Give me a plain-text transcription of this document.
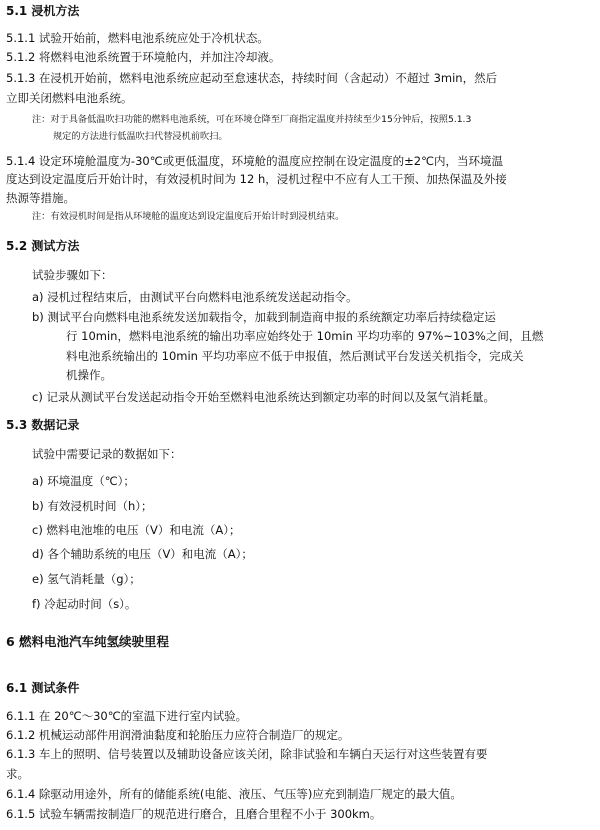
5.1 浸机方法
5.1.1 试验开始前，燃料电池系统应处于冷机状态。
5.1.2 将燃料电池系统置于环境舱内，并加注冷却液。
5.1.3 在浸机开始前，燃料电池系统应起动至怠速状态，持续时间（含起动）不超过 3min，然后
立即关闭燃料电池系统。
注：对于具备低温吹扫功能的燃料电池系统，可在环境仓降至厂商指定温度并持续至少15分钟后，按照5.1.3
规定的方法进行低温吹扫代替浸机前吹扫。
5.1.4 设定环境舱温度为-30℃或更低温度，环境舱的温度应控制在设定温度的±2℃内，当环境温
度达到设定温度后开始计时，有效浸机时间为 12 h，浸机过程中不应有人工干预、加热保温及外接
热源等措施。
注：有效浸机时间是指从环境舱的温度达到设定温度后开始计时到浸机结束。
5.2 测试方法
试验步骤如下：
a) 浸机过程结束后，由测试平台向燃料电池系统发送起动指令。
b) 测试平台向燃料电池系统发送加载指令，加载到制造商申报的系统额定功率后持续稳定运
行 10min，燃料电池系统的输出功率应始终处于 10min 平均功率的 97%~103%之间，且燃
料电池系统输出的 10min 平均功率应不低于申报值，然后测试平台发送关机指令，完成关
机操作。
c) 记录从测试平台发送起动指令开始至燃料电池系统达到额定功率的时间以及氢气消耗量。
5.3 数据记录
试验中需要记录的数据如下：
a) 环境温度（℃）；
b) 有效浸机时间（h）；
c) 燃料电池堆的电压（V）和电流（A）；
d) 各个辅助系统的电压（V）和电流（A）；
e) 氢气消耗量（g）；
f) 冷起动时间（s）。
6 燃料电池汽车纯氢续驶里程
6.1 测试条件
6.1.1 在 20℃～30℃的室温下进行室内试验。
6.1.2 机械运动部件用润滑油黏度和轮胎压力应符合制造厂的规定。
6.1.3 车上的照明、信号装置以及辅助设备应该关闭，除非试验和车辆白天运行对这些装置有要
求。
6.1.4 除驱动用途外，所有的储能系统(电能、液压、气压等)应充到制造厂规定的最大值。
6.1.5 试验车辆需按制造厂的规范进行磨合，且磨合里程不小于 300km。
